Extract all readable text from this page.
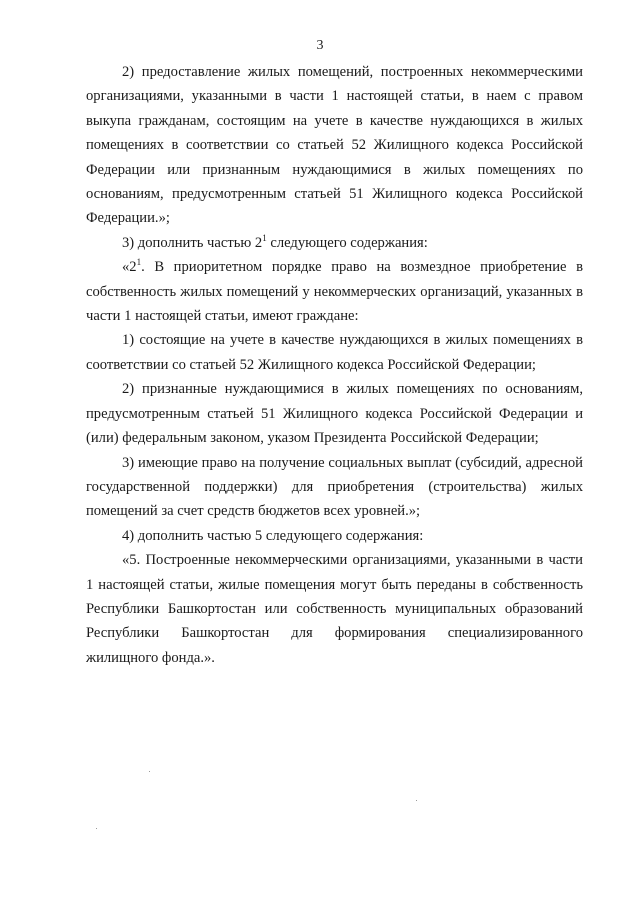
3

2) предоставление жилых помещений, построенных некоммерческими организациями, указанными в части 1 настоящей статьи, в наем с правом выкупа гражданам, состоящим на учете в качестве нуждающихся в жилых помещениях в соответствии со статьей 52 Жилищного кодекса Российской Федерации или признанным нуждающимися в жилых помещениях по основаниям, предусмотренным статьей 51 Жилищного кодекса Российской Федерации.»;

3) дополнить частью $2^1$ следующего содержания:

«$2^1$. В приоритетном порядке право на возмездное приобретение в собственность жилых помещений у некоммерческих организаций, указанных в части 1 настоящей статьи, имеют граждане:

1) состоящие на учете в качестве нуждающихся в жилых помещениях в соответствии со статьей 52 Жилищного кодекса Российской Федерации;

2) признанные нуждающимися в жилых помещениях по основаниям, предусмотренным статьей 51 Жилищного кодекса Российской Федерации и (или) федеральным законом, указом Президента Российской Федерации;

3) имеющие право на получение социальных выплат (субсидий, адресной государственной поддержки) для приобретения (строительства) жилых помещений за счет средств бюджетов всех уровней.»;

4) дополнить частью 5 следующего содержания:

«5. Построенные некоммерческими организациями, указанными в части 1 настоящей статьи, жилые помещения могут быть переданы в собственность Республики Башкортостан или собственность муниципальных образований Республики Башкортостан для формирования специализированного жилищного фонда.».
